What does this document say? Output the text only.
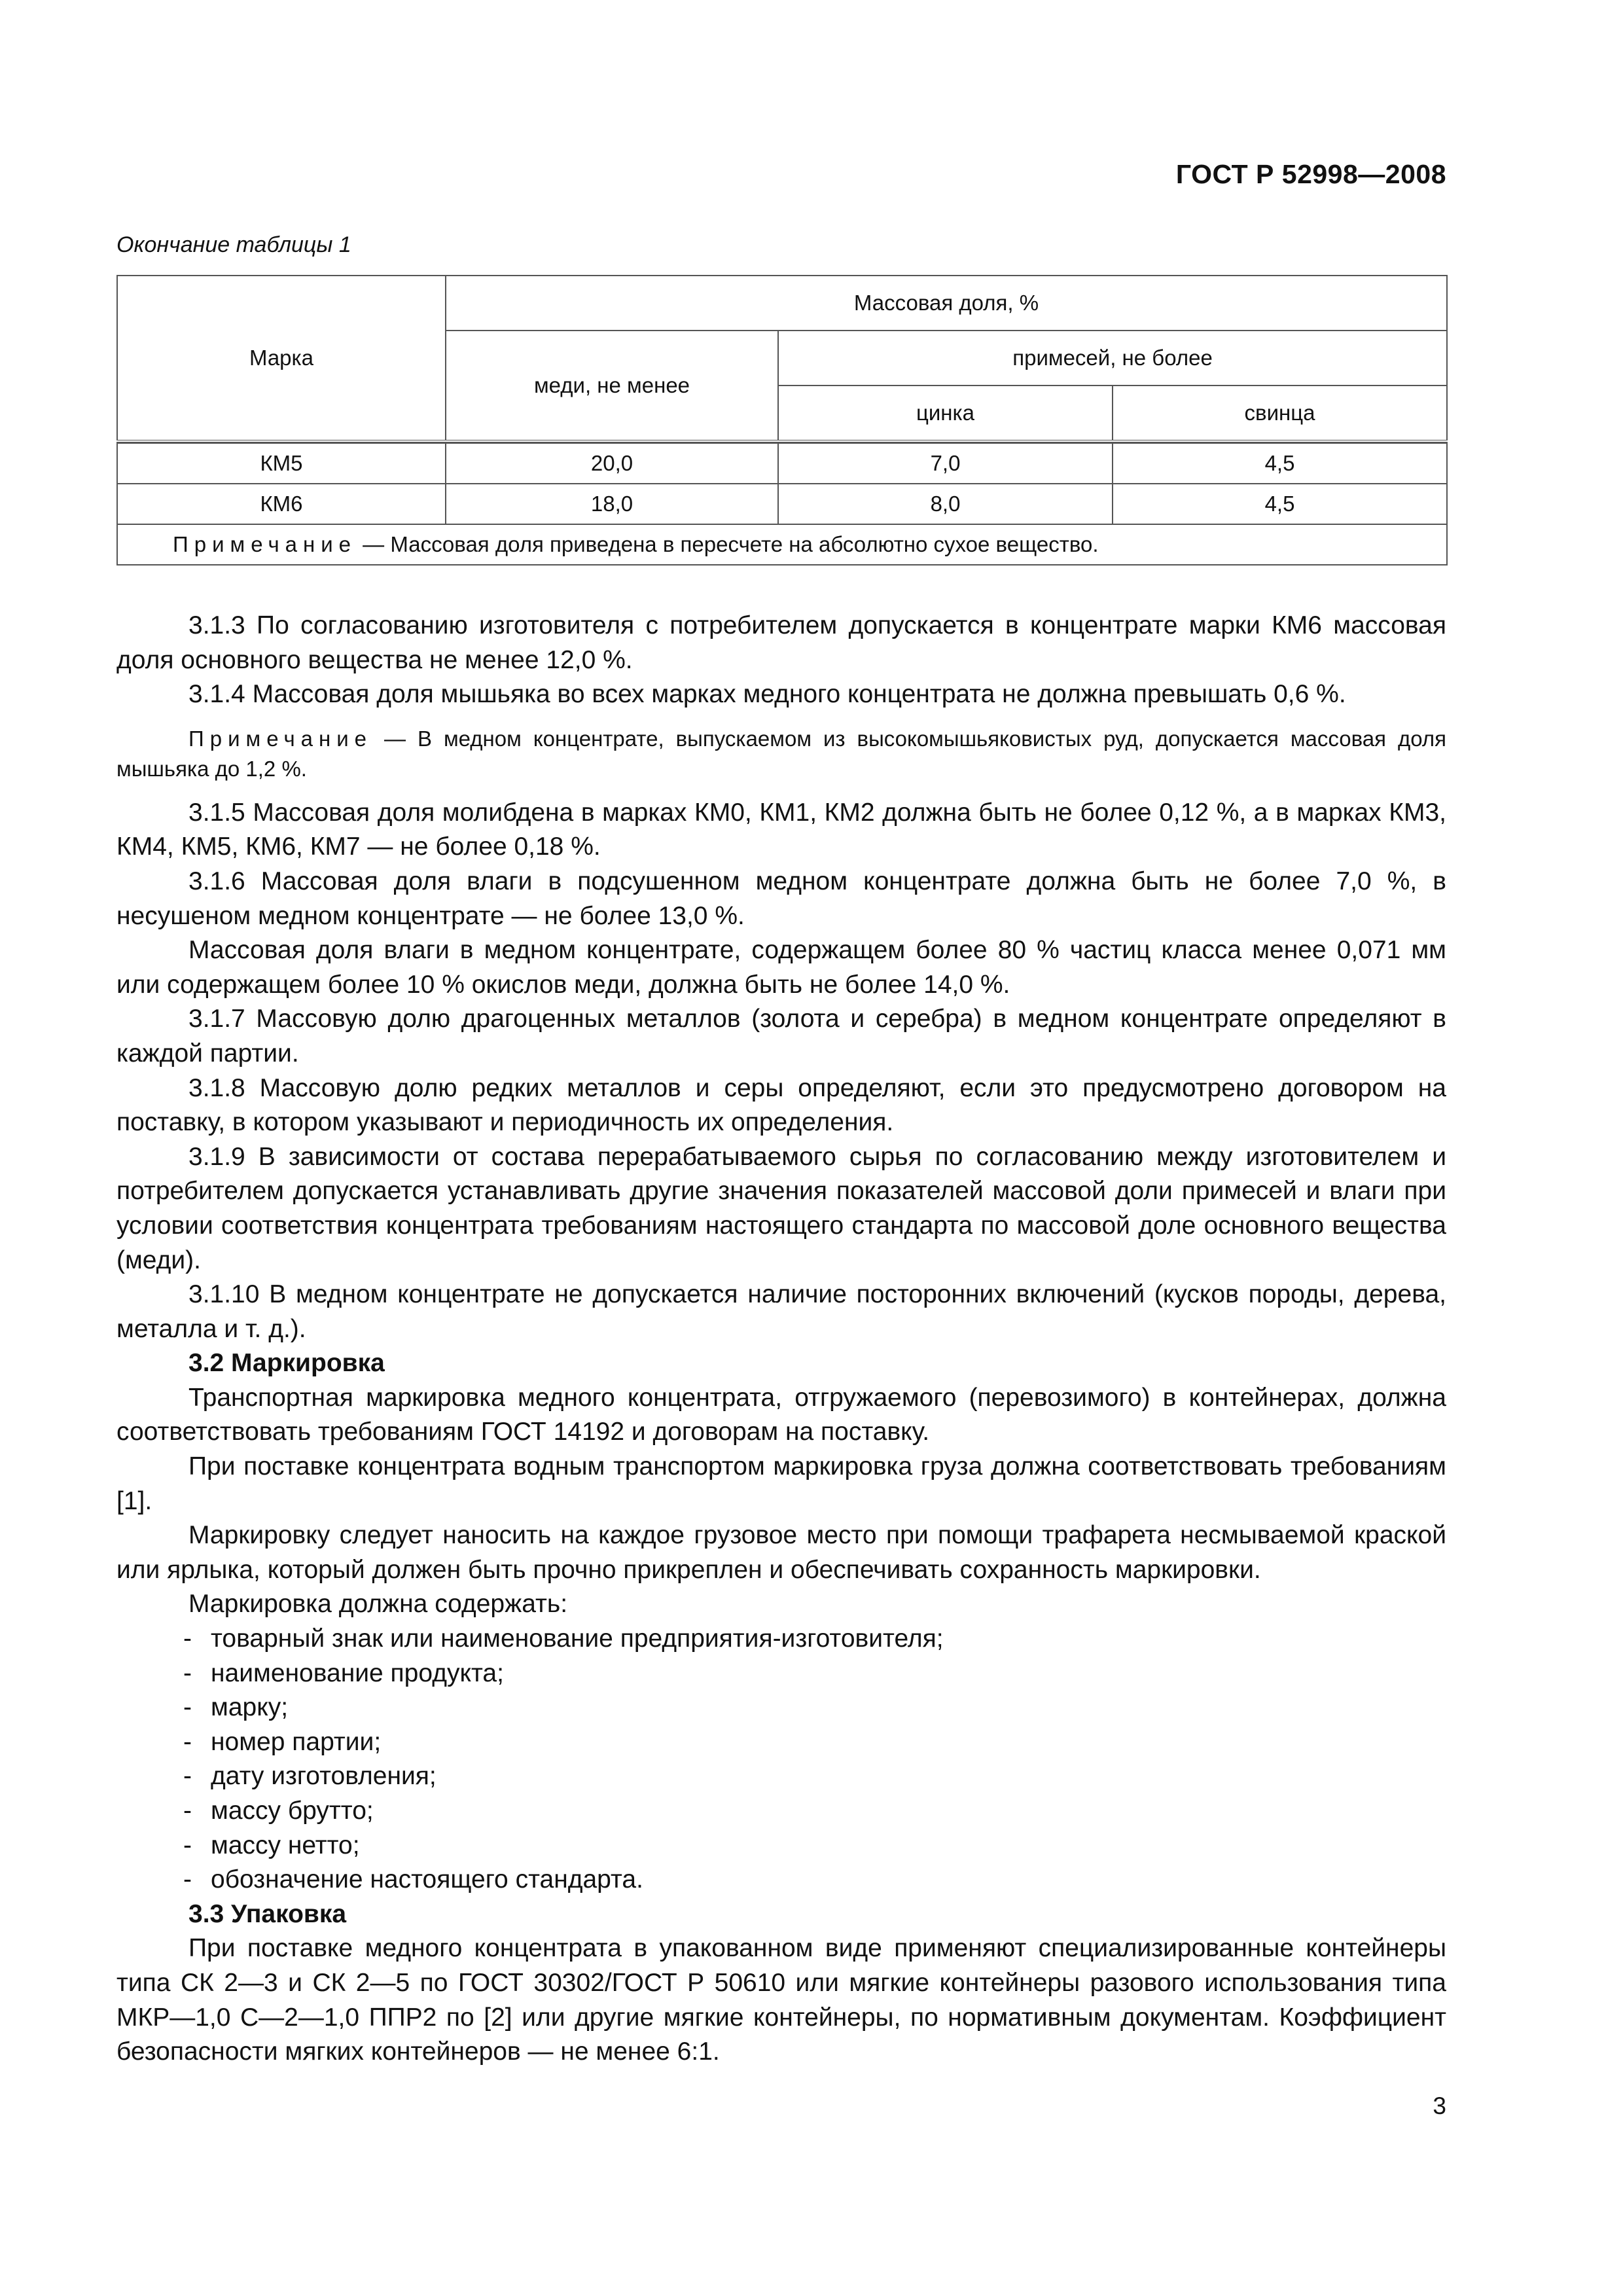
ГОСТ Р 52998—2008
Окончание таблицы 1
Марка	Массовая доля, %		
	меди, не менее	примесей, не более	
		цинка	свинца

КМ5	20,0	7,0	4,5
КМ6	18,0	8,0	4,5
Примечание — Массовая доля приведена в пересчете на абсолютно сухое вещество.			

3.1.3 По согласованию изготовителя с потребителем допускается в концентрате марки КМ6 массовая доля основного вещества не менее 12,0 %.

3.1.4 Массовая доля мышьяка во всех марках медного концентрата не должна превышать 0,6 %.

Примечание — В медном концентрате, выпускаемом из высокомышьяковистых руд, допускается массовая доля мышьяка до 1,2 %.

3.1.5 Массовая доля молибдена в марках КМ0, КМ1, КМ2 должна быть не более 0,12 %, а в марках КМ3, КМ4, КМ5, КМ6, КМ7 — не более 0,18 %.

3.1.6 Массовая доля влаги в подсушенном медном концентрате должна быть не более 7,0 %, в несушеном медном концентрате — не более 13,0 %.

Массовая доля влаги в медном концентрате, содержащем более 80 % частиц класса менее 0,071 мм или содержащем более 10 % окислов меди, должна быть не более 14,0 %.

3.1.7 Массовую долю драгоценных металлов (золота и серебра) в медном концентрате определяют в каждой партии.

3.1.8 Массовую долю редких металлов и серы определяют, если это предусмотрено договором на поставку, в котором указывают и периодичность их определения.

3.1.9 В зависимости от состава перерабатываемого сырья по согласованию между изготовителем и потребителем допускается устанавливать другие значения показателей массовой доли примесей и влаги при условии соответствия концентрата требованиям настоящего стандарта по массовой доле основного вещества (меди).

3.1.10 В медном концентрате не допускается наличие посторонних включений (кусков породы, дерева, металла и т. д.).

3.2 Маркировка

Транспортная маркировка медного концентрата, отгружаемого (перевозимого) в контейнерах, должна соответствовать требованиям ГОСТ 14192 и договорам на поставку.

При поставке концентрата водным транспортом маркировка груза должна соответствовать требованиям [1].

Маркировку следует наносить на каждое грузовое место при помощи трафарета несмываемой краской или ярлыка, который должен быть прочно прикреплен и обеспечивать сохранность маркировки.

Маркировка должна содержать:

- товарный знак или наименование предприятия-изготовителя;
- наименование продукта;
- марку;
- номер партии;
- дату изготовления;
- массу брутто;
- массу нетто;
- обозначение настоящего стандарта.

3.3 Упаковка

При поставке медного концентрата в упакованном виде применяют специализированные контейнеры типа СК 2—3 и СК 2—5 по ГОСТ 30302/ГОСТ Р 50610 или мягкие контейнеры разового использования типа МКР—1,0 С—2—1,0 ППР2 по [2] или другие мягкие контейнеры, по нормативным документам. Коэффициент безопасности мягких контейнеров — не менее 6:1.

3
